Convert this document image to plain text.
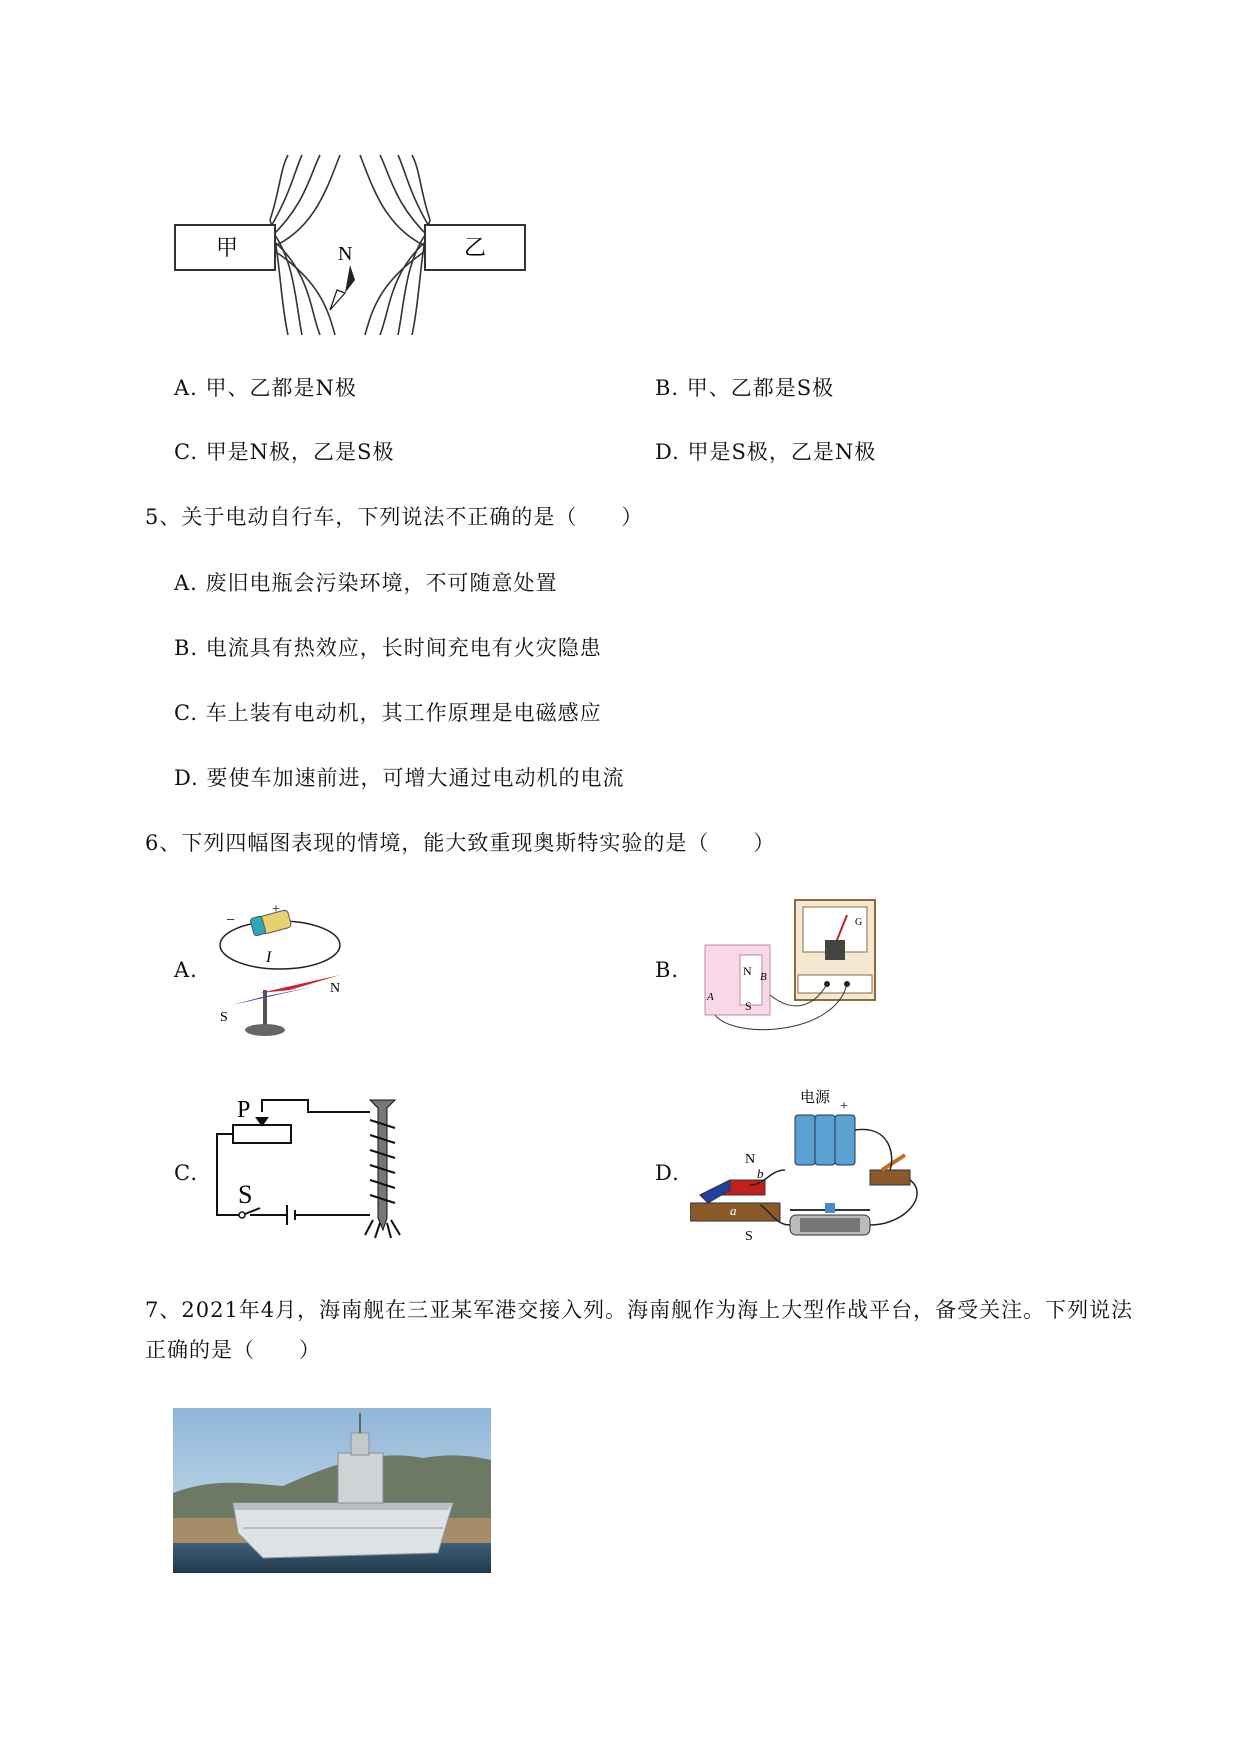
甲	乙
N
A. 甲、乙都是N极	B. 甲、乙都是S极
C. 甲是N极，乙是S极	D. 甲是S极，乙是N极
5、关于电动自行车，下列说法不正确的是（　　）
A. 废旧电瓶会污染环境，不可随意处置
B. 电流具有热效应，长时间充电有火灾隐患
C. 车上装有电动机，其工作原理是电磁感应
D. 要使车加速前进，可增大通过电动机的电流
6、下列四幅图表现的情境，能大致重现奥斯特实验的是（　　）
A.
−
+
I
S
N
B.	N
S
A
B
G
C.
P
S
D.
电源
+
N
b
a
S
7、2021年4月，海南舰在三亚某军港交接入列。海南舰作为海上大型作战平台，备受关注。下列说法正确的是（　　）
